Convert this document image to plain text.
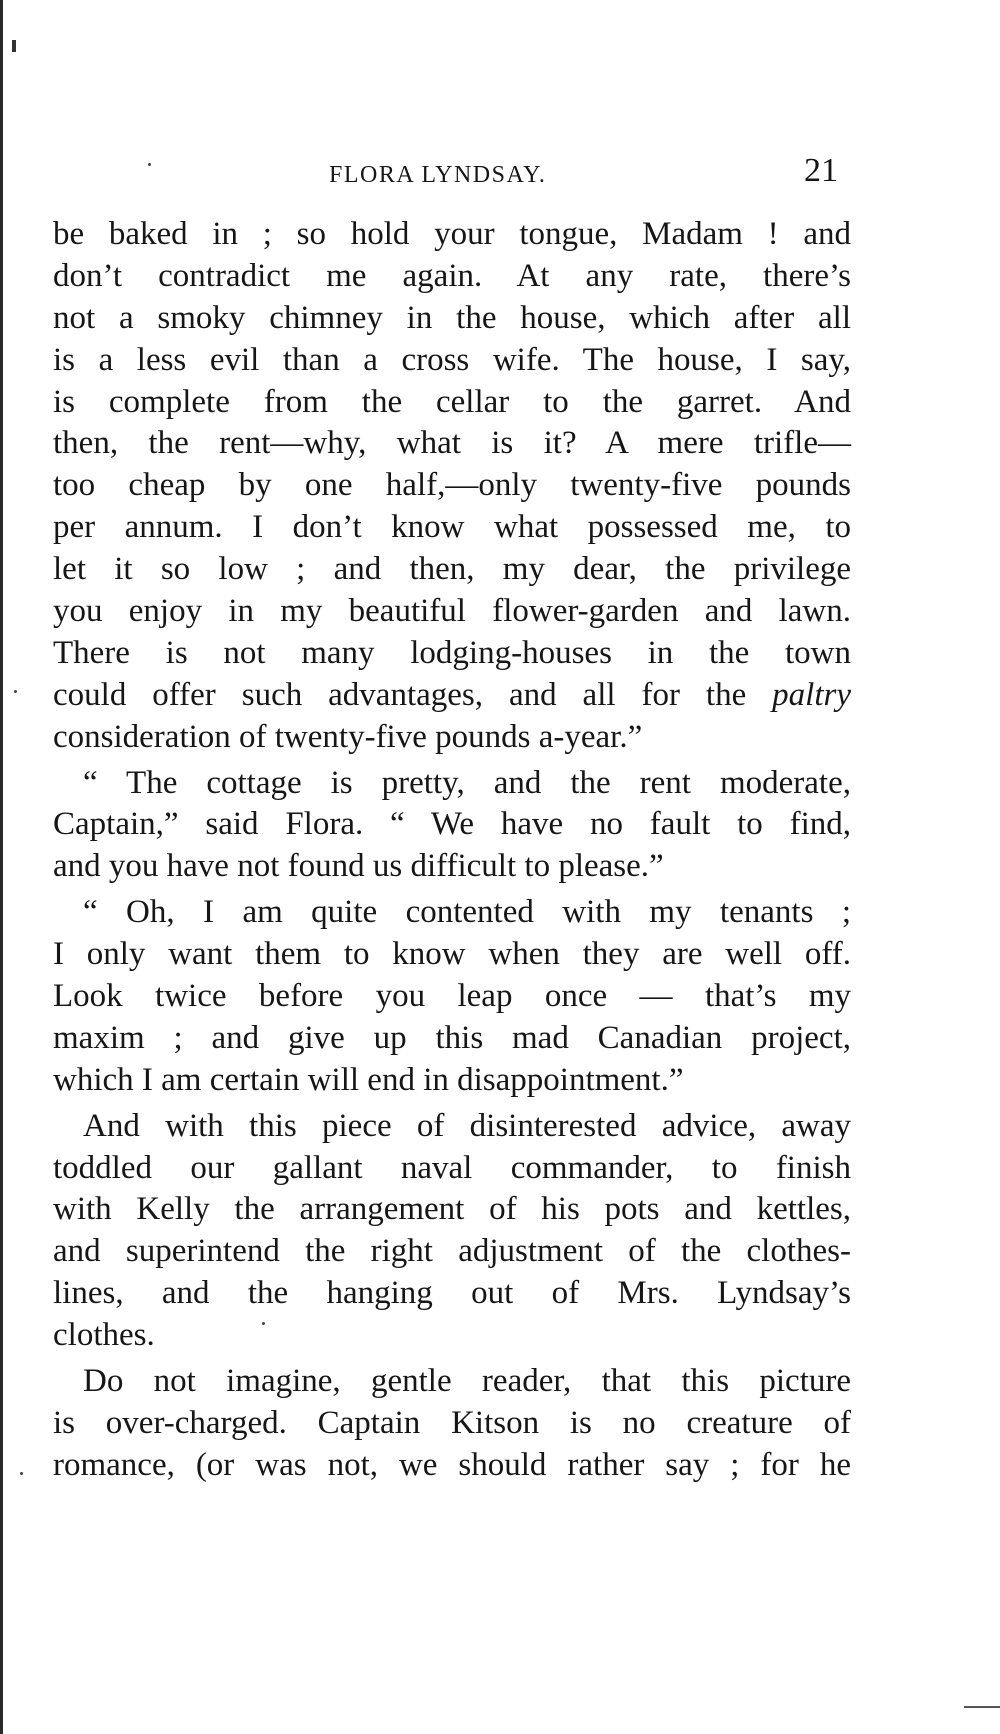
FLORA LYNDSAY.	21
be baked in ; so hold your tongue, Madam ! and
don’t contradict me again. At any rate, there’s
not a smoky chimney in the house, which after all
is a less evil than a cross wife. The house, I say,
is complete from the cellar to the garret. And
then, the rent—why, what is it? A mere trifle—
too cheap by one half,—only twenty-five pounds
per annum. I don’t know what possessed me, to
let it so low ; and then, my dear, the privilege
you enjoy in my beautiful flower-garden and lawn.
There is not many lodging-houses in the town
could offer such advantages, and all for the paltry
consideration of twenty-five pounds a-year.”
“ The cottage is pretty, and the rent moderate,
Captain,” said Flora. “ We have no fault to find,
and you have not found us difficult to please.”
“ Oh, I am quite contented with my tenants ;
I only want them to know when they are well off.
Look twice before you leap once — that’s my
maxim ; and give up this mad Canadian project,
which I am certain will end in disappointment.”
And with this piece of disinterested advice, away
toddled our gallant naval commander, to finish
with Kelly the arrangement of his pots and kettles,
and superintend the right adjustment of the clothes-
lines, and the hanging out of Mrs. Lyndsay’s
clothes.
Do not imagine, gentle reader, that this picture
is over-charged. Captain Kitson is no creature of
romance, (or was not, we should rather say ; for he
